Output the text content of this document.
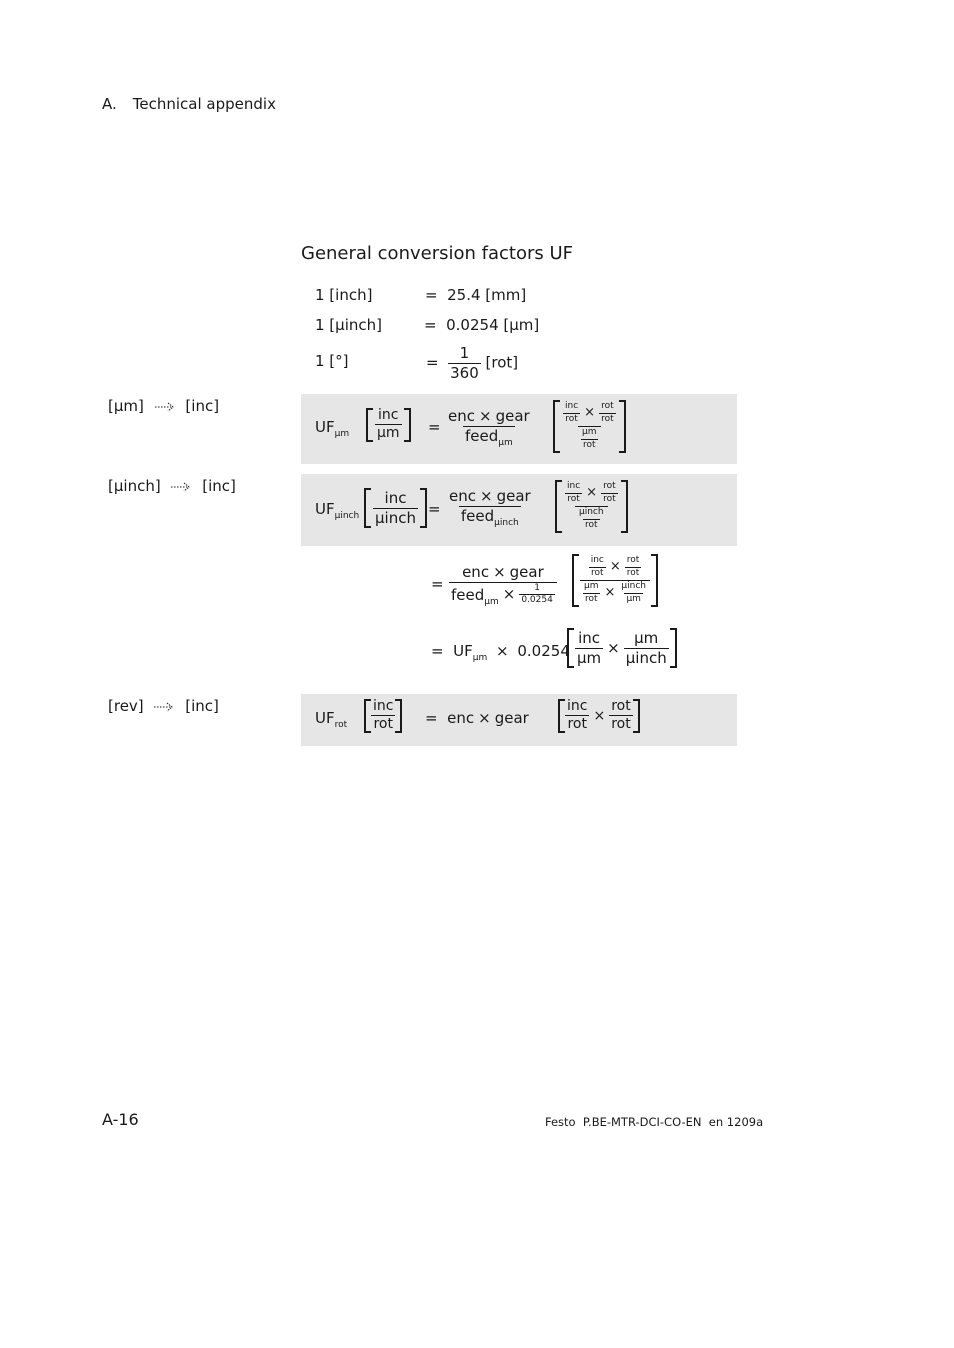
A. Technical appendix
General conversion factors UF
1 [inch]	= 25.4 [mm]
1 [µinch]	= 0.0254 [µm]
1 [°]	= $\frac{1}{360} [rot]$
[µm]	[inc]
$UF_{\mu m} \frac{\text{inc}}{\text{µm}} = \frac{\text{enc × gear}}{feed_{\mu m}}$	$\frac{\frac{\text{inc}}{\text{rot}} \times \frac{\text{rot}}{\text{rot}}}{\frac{\text{µm}}{\text{rot}}}$
[µinch]	[inc]
$UF_{\mu inch} \frac{\text{inc}}{\text{µinch}} = \frac{\text{enc × gear}}{feed_{\mu inch}}$	$\frac{\frac{\text{inc}}{\text{rot}} \times \frac{\text{rot}}{\text{rot}}}{\frac{\text{µinch}}{\text{rot}}}$
= $\frac{\text{enc × gear}}{feed_{\mu m} \times \frac{1}{0.0254}}$	$\frac{\frac{\text{inc}}{\text{rot}} \times \frac{\text{rot}}{\text{rot}}}{\frac{\text{µm}}{\text{rot}} \times \frac{\text{µinch}}{\text{µm}}}$
= $UF_{\mu m} \times 0.0254 \frac{\text{inc}}{\text{µm}} \times \frac{\text{µm}}{\text{µinch}}$
[rev]	[inc]
$UF_{rot} \frac{\text{inc}}{\text{rot}}$ = enc × gear	$\frac{\text{inc}}{\text{rot}} \times \frac{\text{rot}}{\text{rot}}$
A-16	Festo  P.BE-MTR-DCI-CO-EN  en 1209a
